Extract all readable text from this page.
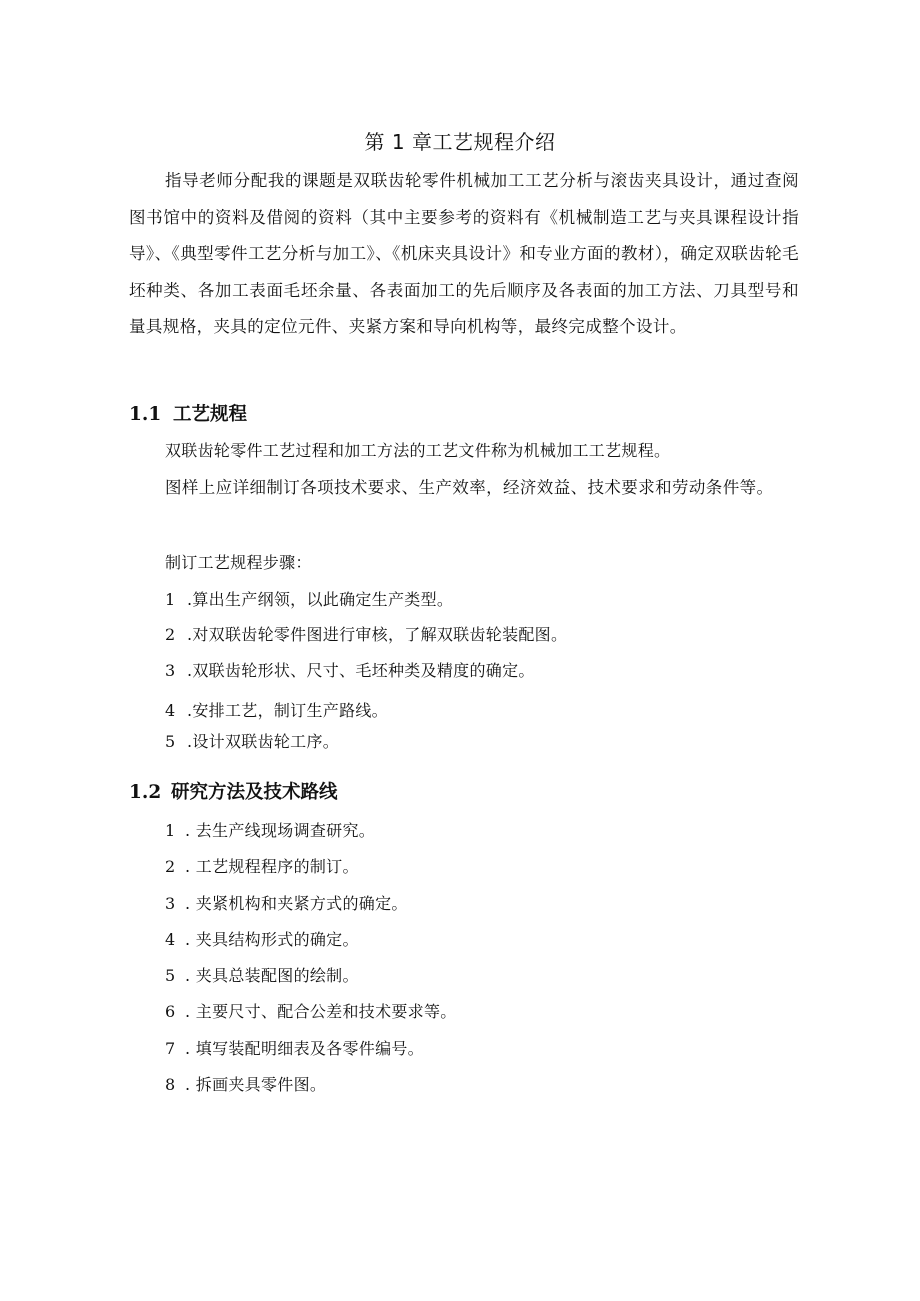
第 1 章工艺规程介绍

指导老师分配我的课题是双联齿轮零件机械加工工艺分析与滚齿夹具设计，通过查阅图书馆中的资料及借阅的资料（其中主要参考的资料有《机械制造工艺与夹具课程设计指导》、《典型零件工艺分析与加工》、《机床夹具设计》和专业方面的教材），确定双联齿轮毛坯种类、各加工表面毛坯余量、各表面加工的先后顺序及各表面的加工方法、刀具型号和量具规格，夹具的定位元件、夹紧方案和导向机构等，最终完成整个设计。

1.1 工艺规程

双联齿轮零件工艺过程和加工方法的工艺文件称为机械加工工艺规程。

图样上应详细制订各项技术要求、生产效率，经济效益、技术要求和劳动条件等。

制订工艺规程步骤：

1 .算出生产纲领，以此确定生产类型。

2 .对双联齿轮零件图进行审核，了解双联齿轮装配图。

3 .双联齿轮形状、尺寸、毛坯种类及精度的确定。

4 .安排工艺，制订生产路线。

5 .设计双联齿轮工序。

1.2 研究方法及技术路线

1 . 去生产线现场调查研究。

2 . 工艺规程程序的制订。

3 . 夹紧机构和夹紧方式的确定。

4 . 夹具结构形式的确定。

5 . 夹具总装配图的绘制。

6 . 主要尺寸、配合公差和技术要求等。

7 . 填写装配明细表及各零件编号。

8 . 拆画夹具零件图。
